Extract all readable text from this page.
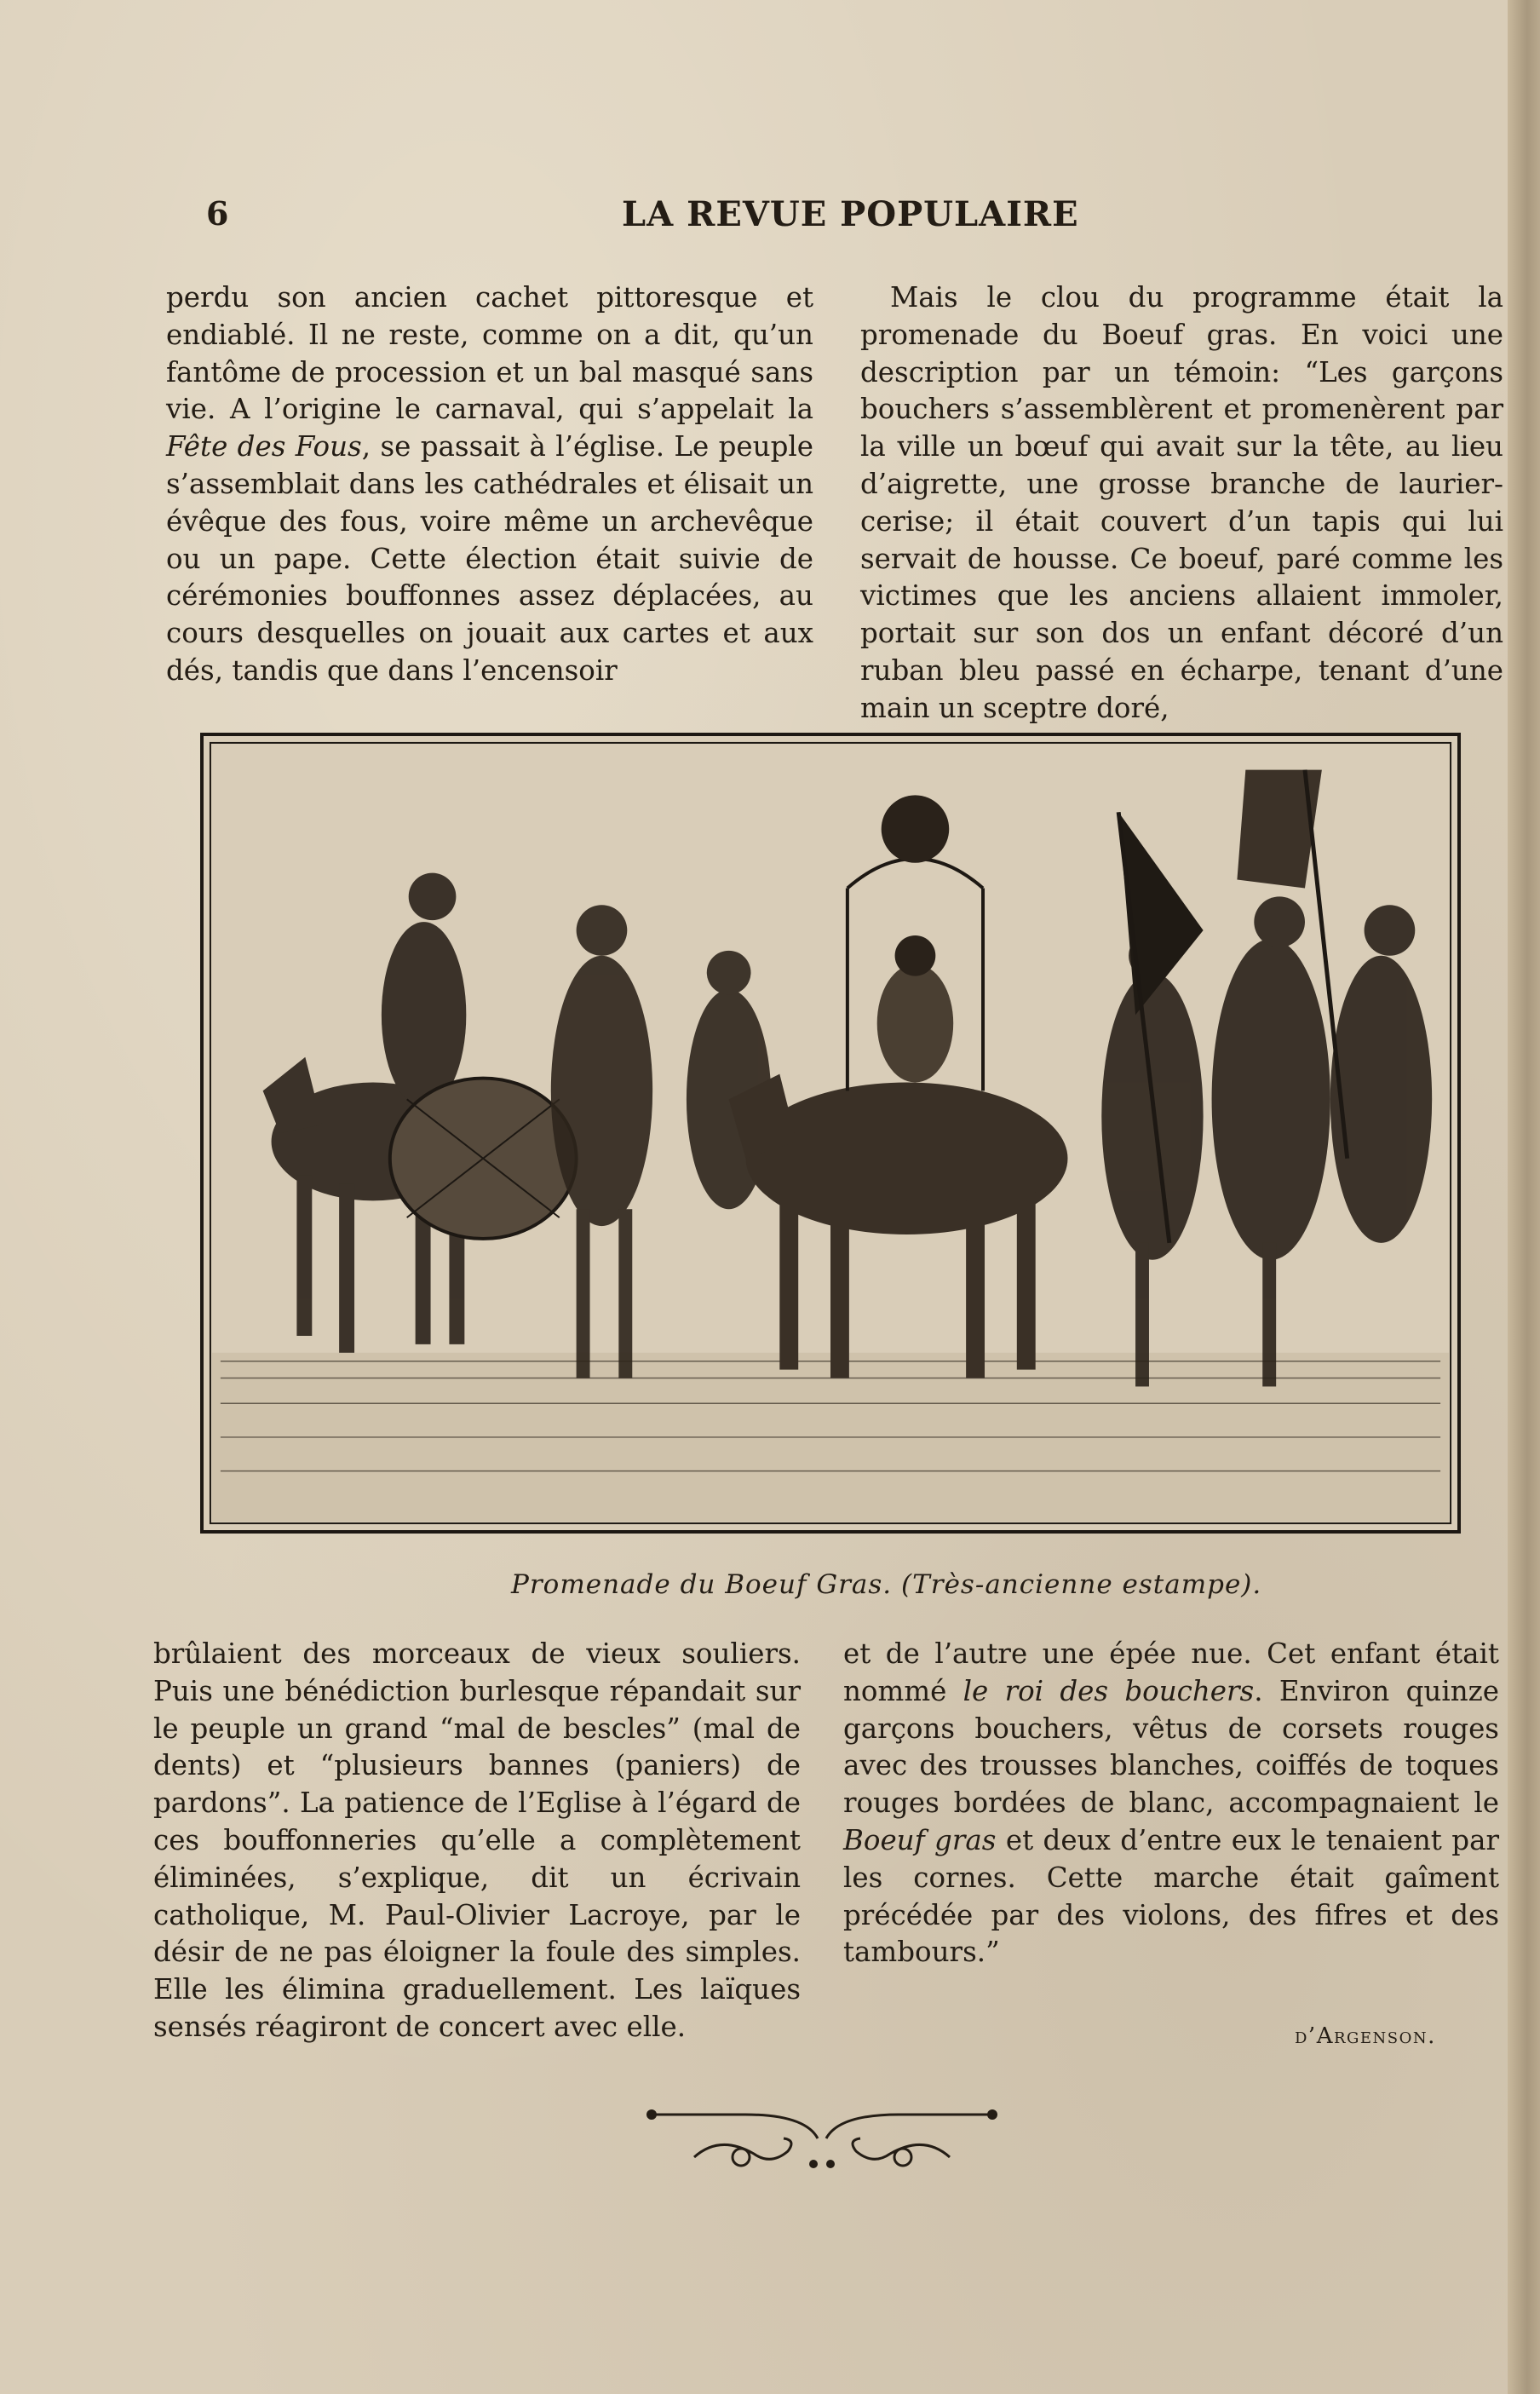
6	LA REVUE POPULAIRE

perdu son ancien cachet pittoresque et endiablé. Il ne reste, comme on a dit, qu’un fantôme de procession et un bal masqué sans vie. A l’origine le carnaval, qui s’appelait la Fête des Fous, se passait à l’église. Le peuple s’assemblait dans les cathédrales et élisait un évêque des fous, voire même un archevêque ou un pape. Cette élection était suivie de cérémonies bouffonnes assez déplacées, au cours desquelles on jouait aux cartes et aux dés, tandis que dans l’encensoir

Mais le clou du programme était la promenade du Boeuf gras. En voici une description par un témoin: “Les garçons bouchers s’assemblèrent et promenèrent par la ville un bœuf qui avait sur la tête, au lieu d’aigrette, une grosse branche de laurier-cerise; il était couvert d’un tapis qui lui servait de housse. Ce boeuf, paré comme les victimes que les anciens allaient immoler, portait sur son dos un enfant décoré d’un ruban bleu passé en écharpe, tenant d’une main un sceptre doré,

Promenade du Boeuf Gras. (Très-ancienne estampe).

brûlaient des morceaux de vieux souliers. Puis une bénédiction burlesque répandait sur le peuple un grand “mal de bescles” (mal de dents) et “plusieurs bannes (paniers) de pardons”. La patience de l’Eglise à l’égard de ces bouffonneries qu’elle a complètement éliminées, s’explique, dit un écrivain catholique, M. Paul-Olivier Lacroye, par le désir de ne pas éloigner la foule des simples. Elle les élimina graduellement. Les laïques sensés réagiront de concert avec elle.

et de l’autre une épée nue. Cet enfant était nommé le roi des bouchers. Environ quinze garçons bouchers, vêtus de corsets rouges avec des trousses blanches, coiffés de toques rouges bordées de blanc, accompagnaient le Boeuf gras et deux d’entre eux le tenaient par les cornes. Cette marche était gaîment précédée par des violons, des fifres et des tambours.”

d’Argenson.
